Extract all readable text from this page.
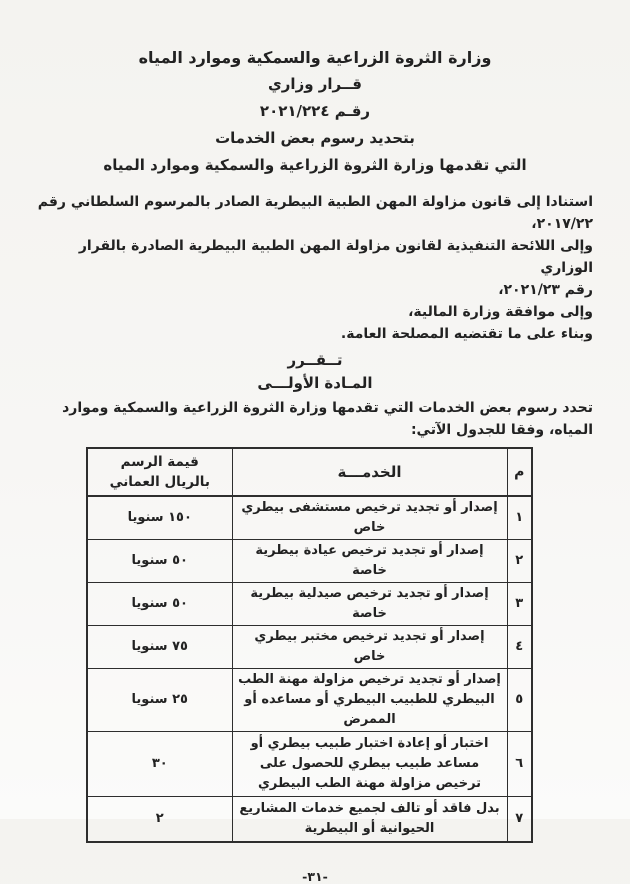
وزارة الثروة الزراعية والسمكية وموارد المياه
قــرار وزاري
رقـم ٢٠٢١/٢٢٤
بتحديد رسوم بعض الخدمات
التي تقدمها وزارة الثروة الزراعية والسمكية وموارد المياه
استنادا إلى قانون مزاولة المهن الطبية البيطرية الصادر بالمرسوم السلطاني رقم ٢٠١٧/٢٢،
وإلى اللائحة التنفيذية لقانون مزاولة المهن الطبية البيطرية الصادرة بالقرار الوزاري
رقم ٢٠٢١/٢٣،
وإلى موافقة وزارة المالية،
وبناء على ما تقتضيه المصلحة العامة.
تــقــرر
المـادة الأولـــى

تحدد رسوم بعض الخدمات التي تقدمها وزارة الثروة الزراعية والسمكية وموارد المياه، وفقا للجدول الآتي:

م	الخدمـــة	قيمة الرسم
بالريال العماني

١	إصدار أو تجديد ترخيص مستشفى بيطري خاص	١٥٠ سنويا
٢	إصدار أو تجديد ترخيص عيادة بيطرية خاصة	٥٠ سنويا
٣	إصدار أو تجديد ترخيص صيدلية بيطرية خاصة	٥٠ سنويا
٤	إصدار أو تجديد ترخيص مختبر بيطري خاص	٧٥ سنويا
٥	إصدار أو تجديد ترخيص مزاولة مهنة الطب البيطري للطبيب البيطري أو مساعده أو الممرض	٢٥ سنويا
٦	اختبار أو إعادة اختبار طبيب بيطري أو مساعد طبيب بيطري للحصول على ترخيص مزاولة مهنة الطب البيطري	٣٠
٧	بدل فاقد أو تالف لجميع خدمات المشاريع الحيوانية أو البيطرية	٢
-٣١-
